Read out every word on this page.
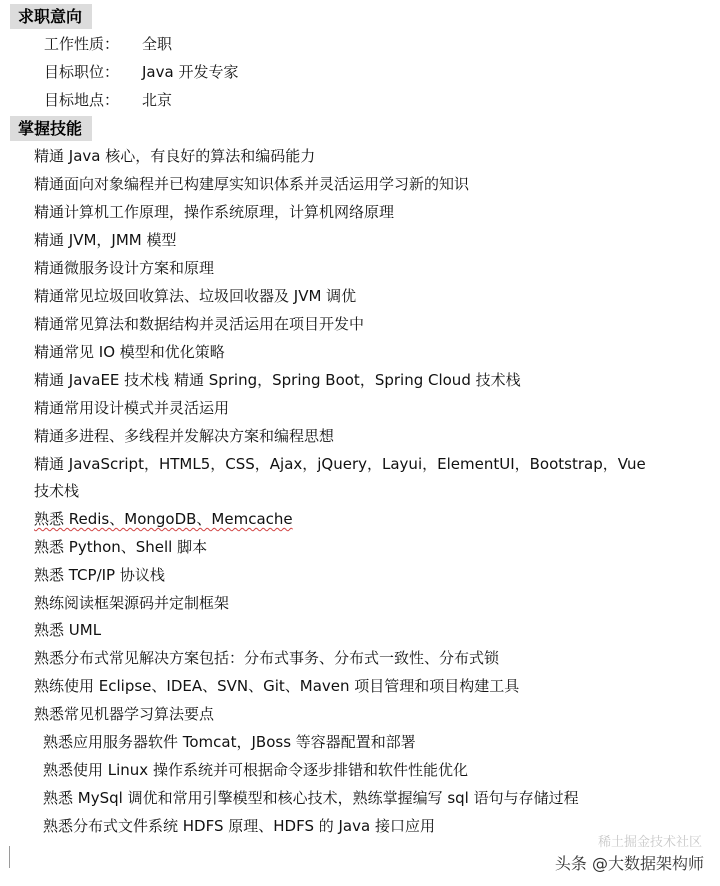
求职意向
工作性质： 全职
目标职位： Java 开发专家
目标地点： 北京
掌握技能
精通 Java 核心，有良好的算法和编码能力
精通面向对象编程并已构建厚实知识体系并灵活运用学习新的知识
精通计算机工作原理，操作系统原理，计算机网络原理
精通 JVM，JMM 模型
精通微服务设计方案和原理
精通常见垃圾回收算法、垃圾回收器及 JVM 调优
精通常见算法和数据结构并灵活运用在项目开发中
精通常见 IO 模型和优化策略
精通 JavaEE 技术栈 精通 Spring，Spring Boot，Spring Cloud 技术栈
精通常用设计模式并灵活运用
精通多进程、多线程并发解决方案和编程思想
精通 JavaScript，HTML5，CSS，Ajax，jQuery，Layui，ElementUI，Bootstrap，Vue
技术栈
熟悉 Redis、MongoDB、Memcache
熟悉 Python、Shell 脚本
熟悉 TCP/IP 协议栈
熟练阅读框架源码并定制框架
熟悉 UML
熟悉分布式常见解决方案包括：分布式事务、分布式一致性、分布式锁
熟练使用 Eclipse、IDEA、SVN、Git、Maven 项目管理和项目构建工具
熟悉常见机器学习算法要点
熟悉应用服务器软件 Tomcat，JBoss 等容器配置和部署
熟悉使用 Linux 操作系统并可根据命令逐步排错和软件性能优化
熟悉 MySql 调优和常用引擎模型和核心技术，熟练掌握编写 sql 语句与存储过程
熟悉分布式文件系统 HDFS 原理、HDFS 的 Java 接口应用
稀土掘金技术社区
头条 @大数据架构师
